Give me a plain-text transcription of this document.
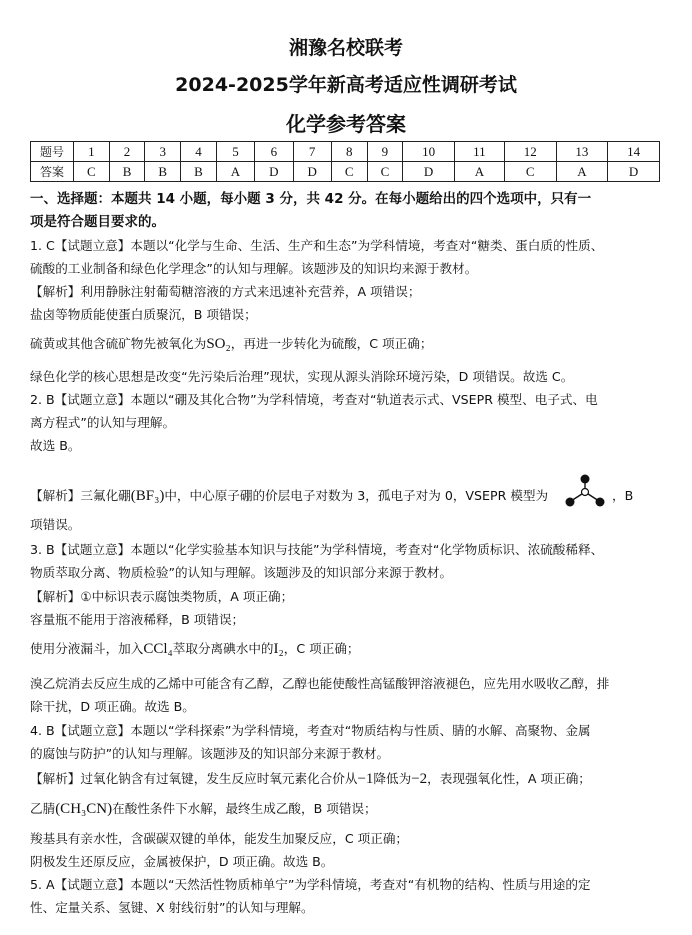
湘豫名校联考
2024-2025学年新高考适应性调研考试
化学参考答案
题号	1	2	3	4	5	6	7	8	9	10	11	12	13	14
答案	C	B	B	B	A	D	D	C	C	D	A	C	A	D
一、选择题：本题共 14 小题，每小题 3 分，共 42 分。在每小题给出的四个选项中，只有一
项是符合题目要求的。
1. C【试题立意】本题以“化学与生命、生活、生产和生态”为学科情境，考查对“糖类、蛋白质的性质、
硫酸的工业制备和绿色化学理念”的认知与理解。该题涉及的知识均来源于教材。
【解析】利用静脉注射葡萄糖溶液的方式来迅速补充营养，A 项错误；
盐卤等物质能使蛋白质聚沉，B 项错误；
硫黄或其他含硫矿物先被氧化为SO₂，再进一步转化为硫酸，C 项正确；
绿色化学的核心思想是改变“先污染后治理”现状，实现从源头消除环境污染，D 项错误。故选 C。
2. B【试题立意】本题以“硼及其化合物”为学科情境，考查对“轨道表示式、VSEPR 模型、电子式、电
离方程式”的认知与理解。
故选 B。
【解析】三氟化硼(BF₃)中，中心原子硼的价层电子对数为 3，孤电子对为 0，VSEPR 模型为	，B
项错误。
3. B【试题立意】本题以“化学实验基本知识与技能”为学科情境，考查对“化学物质标识、浓硫酸稀释、
物质萃取分离、物质检验”的认知与理解。该题涉及的知识部分来源于教材。
【解析】①中标识表示腐蚀类物质，A 项正确；
容量瓶不能用于溶液稀释，B 项错误；
使用分液漏斗，加入CCl₄萃取分离碘水中的I₂，C 项正确；
溴乙烷消去反应生成的乙烯中可能含有乙醇，乙醇也能使酸性高锰酸钾溶液褪色，应先用水吸收乙醇，排
除干扰，D 项正确。故选 B。
4. B【试题立意】本题以“学科探索”为学科情境，考查对“物质结构与性质、腈的水解、高聚物、金属
的腐蚀与防护”的认知与理解。该题涉及的知识部分来源于教材。
【解析】过氧化钠含有过氧键，发生反应时氧元素化合价从−1降低为−2，表现强氧化性，A 项正确；
乙腈(CH₃CN)在酸性条件下水解，最终生成乙酸，B 项错误；
羧基具有亲水性，含碳碳双键的单体，能发生加聚反应，C 项正确；
阴极发生还原反应，金属被保护，D 项正确。故选 B。
5. A【试题立意】本题以“天然活性物质柿单宁”为学科情境，考查对“有机物的结构、性质与用途的定
性、定量关系、氢键、X 射线衍射”的认知与理解。
